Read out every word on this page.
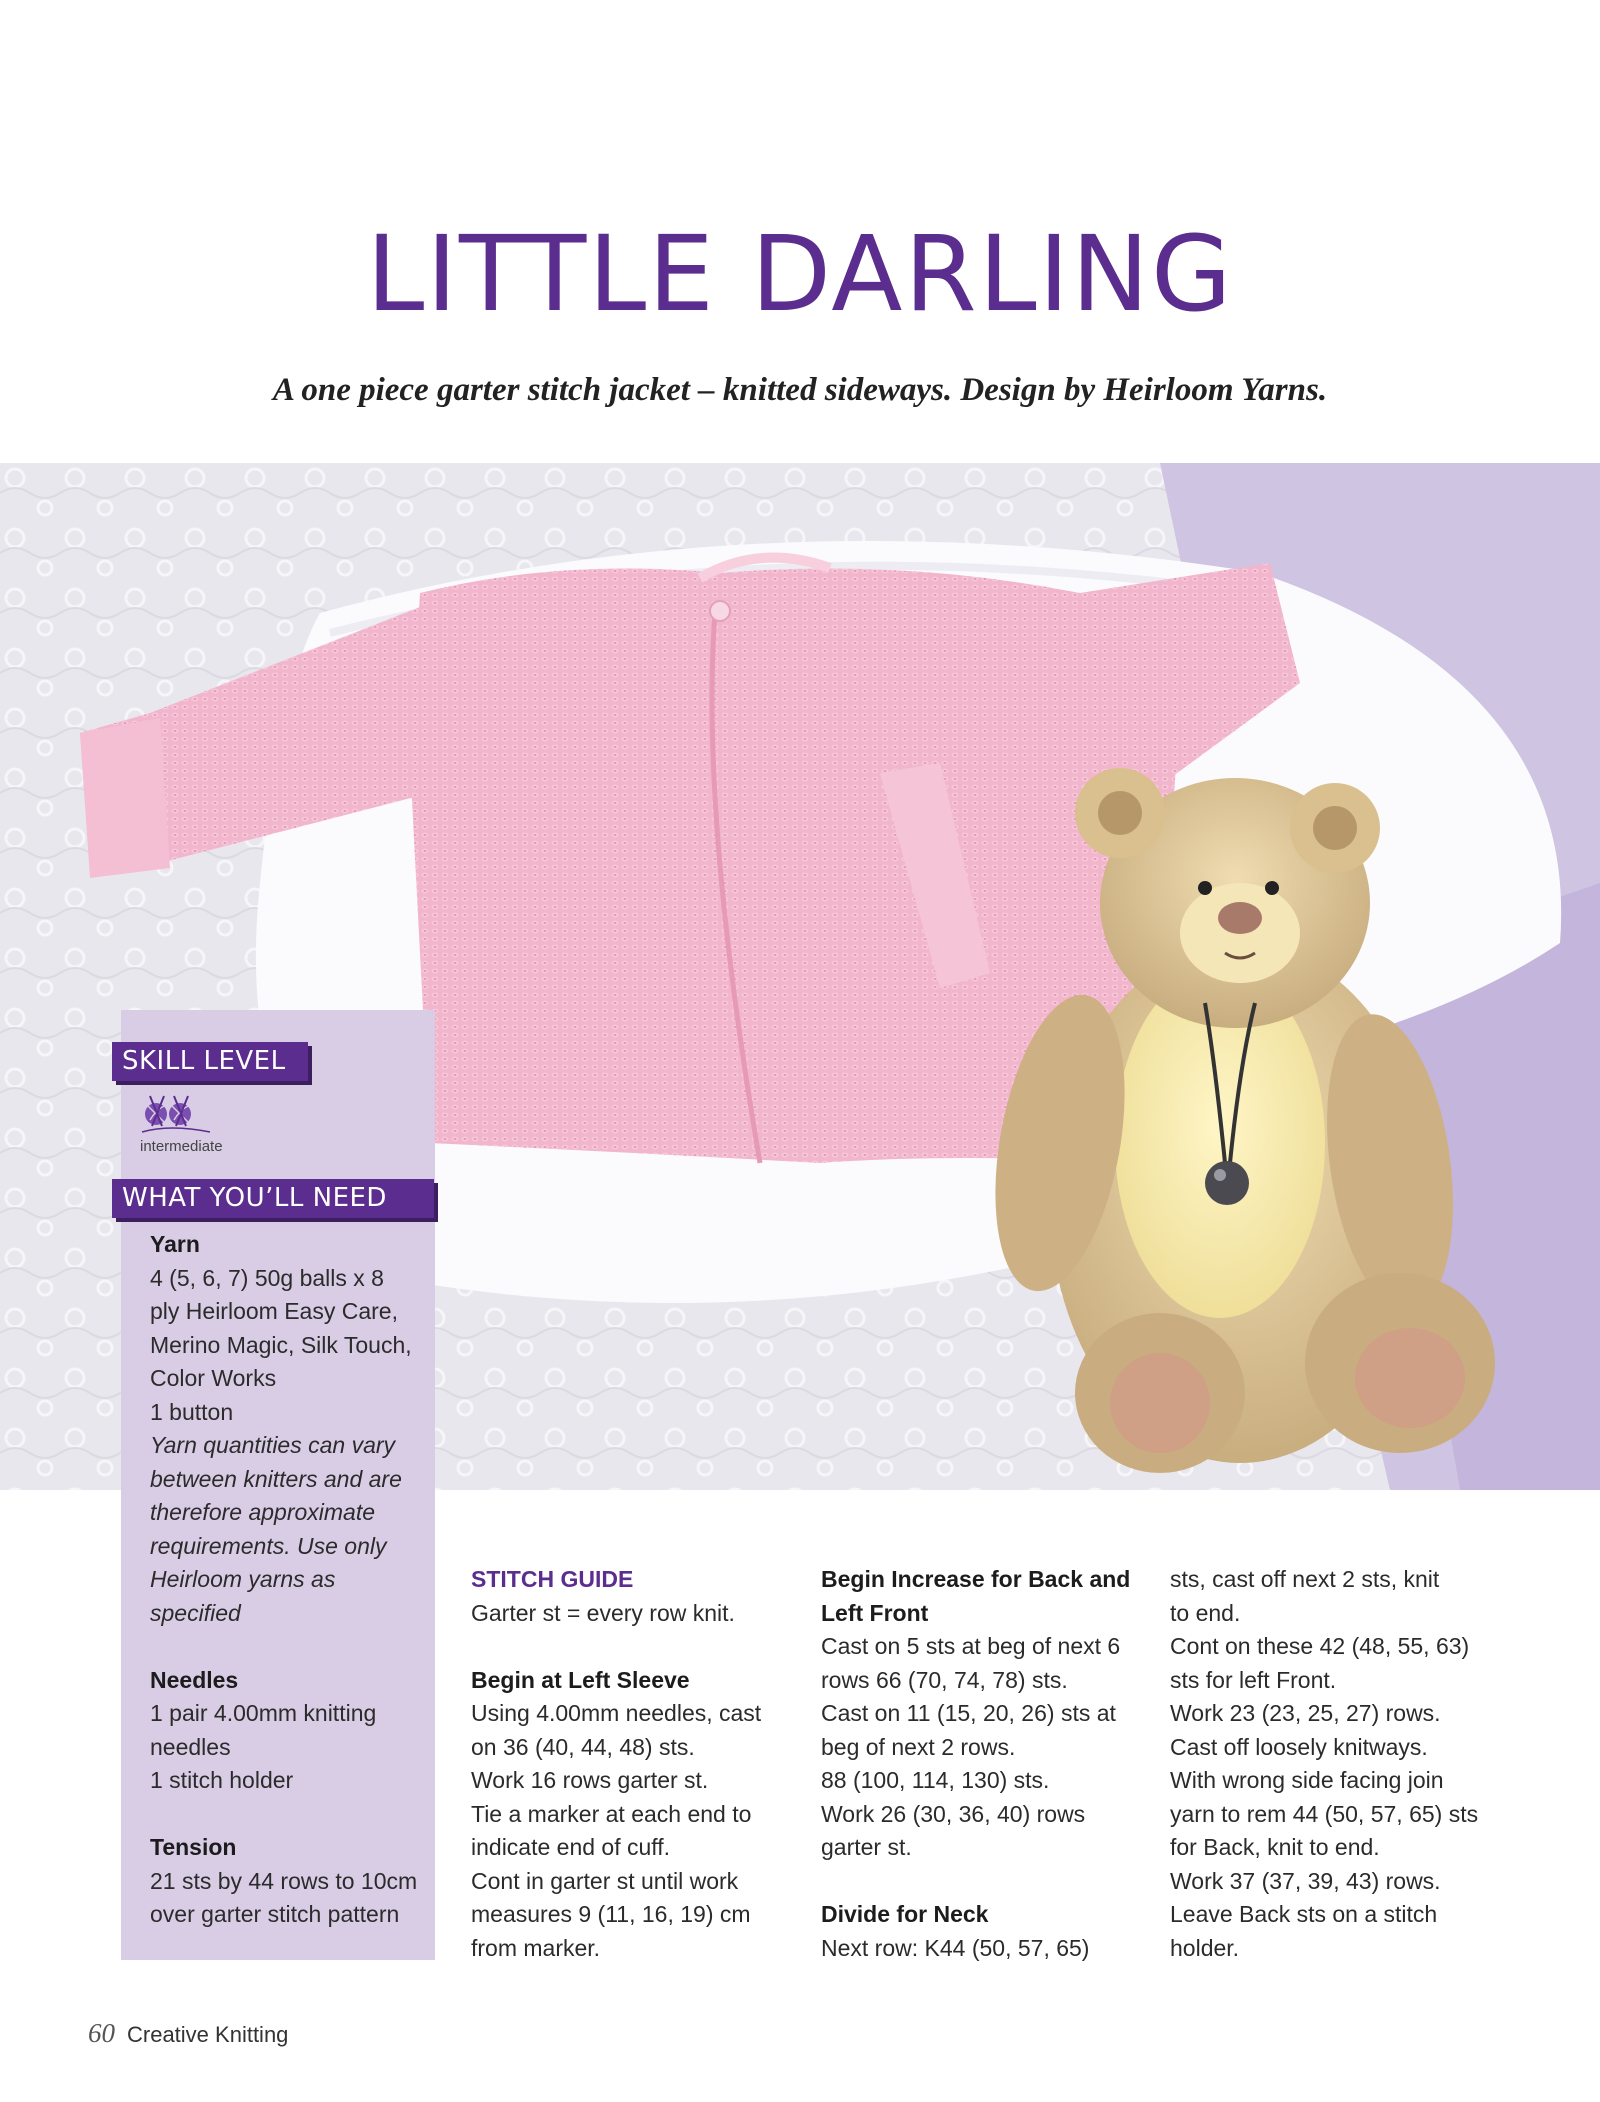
LITTLE DARLING
A one piece garter stitch jacket – knitted sideways. Design by Heirloom Yarns.
SKILL LEVEL
intermediate
WHAT YOU’LL NEED

Yarn

4 (5, 6, 7) 50g balls x 8

ply Heirloom Easy Care,

Merino Magic, Silk Touch,

Color Works

1 button

Yarn quantities can vary

between knitters and are

therefore approximate

requirements. Use only

Heirloom yarns as

specified

Needles

1 pair 4.00mm knitting

needles

1 stitch holder

Tension

21 sts by 44 rows to 10cm

over garter stitch pattern

STITCH GUIDE

Garter st = every row knit.

Begin at Left Sleeve

Using 4.00mm needles, cast

on 36 (40, 44, 48) sts.

Work 16 rows garter st.

Tie a marker at each end to

indicate end of cuff.

Cont in garter st until work

measures 9 (11, 16, 19) cm

from marker.

Begin Increase for Back and

Left Front

Cast on 5 sts at beg of next 6

rows 66 (70, 74, 78) sts.

Cast on 11 (15, 20, 26) sts at

beg of next 2 rows.

88 (100, 114, 130) sts.

Work 26 (30, 36, 40) rows

garter st.

Divide for Neck

Next row: K44 (50, 57, 65)

sts, cast off next 2 sts, knit

to end.

Cont on these 42 (48, 55, 63)

sts for left Front.

Work 23 (23, 25, 27) rows.

Cast off loosely knitways.

With wrong side facing join

yarn to rem 44 (50, 57, 65) sts

for Back, knit to end.

Work 37 (37, 39, 43) rows.

Leave Back sts on a stitch

holder.

60 Creative Knitting
